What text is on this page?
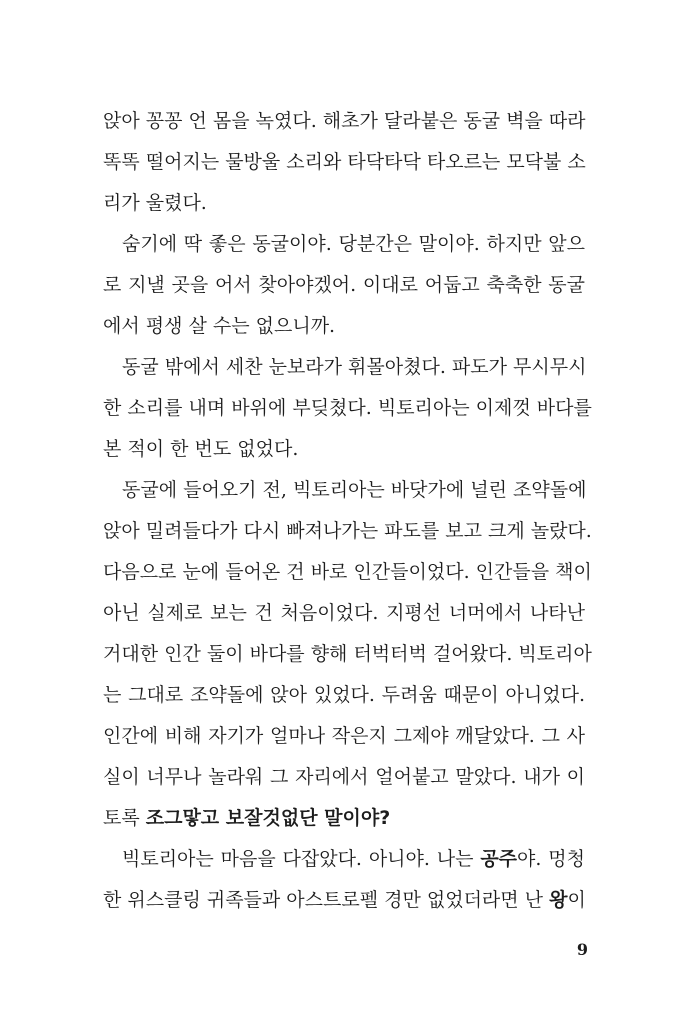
앉아 꽁꽁 언 몸을 녹였다. 해초가 달라붙은 동굴 벽을 따라
똑똑 떨어지는 물방울 소리와 타닥타닥 타오르는 모닥불 소
리가 울렸다.
숨기에 딱 좋은 동굴이야. 당분간은 말이야. 하지만 앞으
로 지낼 곳을 어서 찾아야겠어. 이대로 어둡고 축축한 동굴
에서 평생 살 수는 없으니까.
동굴 밖에서 세찬 눈보라가 휘몰아쳤다. 파도가 무시무시
한 소리를 내며 바위에 부딪쳤다. 빅토리아는 이제껏 바다를
본 적이 한 번도 없었다.
동굴에 들어오기 전, 빅토리아는 바닷가에 널린 조약돌에
앉아 밀려들다가 다시 빠져나가는 파도를 보고 크게 놀랐다.
다음으로 눈에 들어온 건 바로 인간들이었다. 인간들을 책이
아닌 실제로 보는 건 처음이었다. 지평선 너머에서 나타난
거대한 인간 둘이 바다를 향해 터벅터벅 걸어왔다. 빅토리아
는 그대로 조약돌에 앉아 있었다. 두려움 때문이 아니었다.
인간에 비해 자기가 얼마나 작은지 그제야 깨달았다. 그 사
실이 너무나 놀라워 그 자리에서 얼어붙고 말았다. 내가 이
토록 조그맣고 보잘것없단 말이야?
빅토리아는 마음을 다잡았다. 아니야. 나는 공주야. 멍청
한 위스클링 귀족들과 아스트로펠 경만 없었더라면 난 왕이
9
